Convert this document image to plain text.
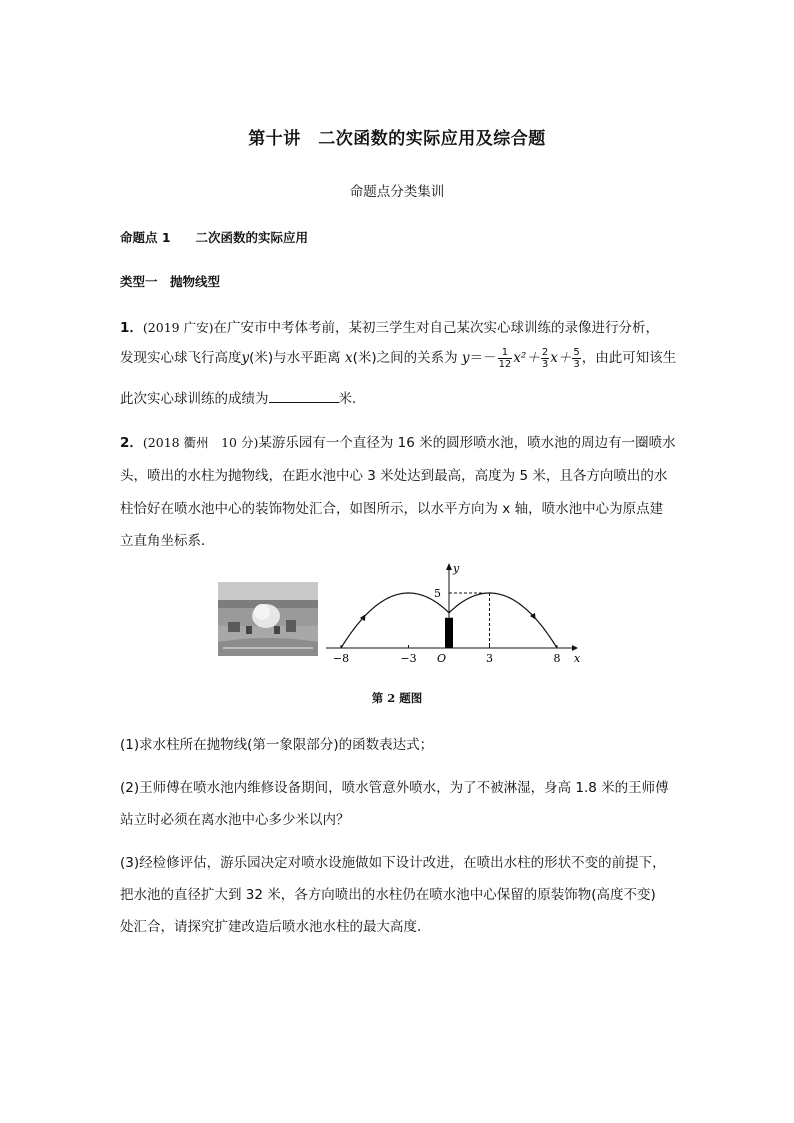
第十讲　二次函数的实际应用及综合题
命题点分类集训
命题点 1　　二次函数的实际应用
类型一　抛物线型
1．(2019 广安)在广安市中考体考前，某初三学生对自己某次实心球训练的录像进行分析，
发现实心球飞行高度y(米)与水平距离 x(米)之间的关系为 $y=- \frac{1}{12} x^2+ \frac{2}{3} x+ \frac{5}{3}$ ，由此可知该生
此次实心球训练的成绩为	米．
2．(2018 衢州　10 分)某游乐园有一个直径为 16 米的圆形喷水池，喷水池的周边有一圈喷水
头，喷出的水柱为抛物线，在距水池中心 3 米处达到最高，高度为 5 米，且各方向喷出的水
柱恰好在喷水池中心的装饰物处汇合，如图所示，以水平方向为 x 轴，喷水池中心为原点建
立直角坐标系．
x
y
O
−8	−3	3	8
5
第 2 题图
(1)求水柱所在抛物线(第一象限部分)的函数表达式；
(2)王师傅在喷水池内维修设备期间，喷水管意外喷水，为了不被淋湿，身高 1.8 米的王师傅
站立时必须在离水池中心多少米以内？
(3)经检修评估，游乐园决定对喷水设施做如下设计改进，在喷出水柱的形状不变的前提下，
把水池的直径扩大到 32 米，各方向喷出的水柱仍在喷水池中心保留的原装饰物(高度不变)
处汇合，请探究扩建改造后喷水池水柱的最大高度．
